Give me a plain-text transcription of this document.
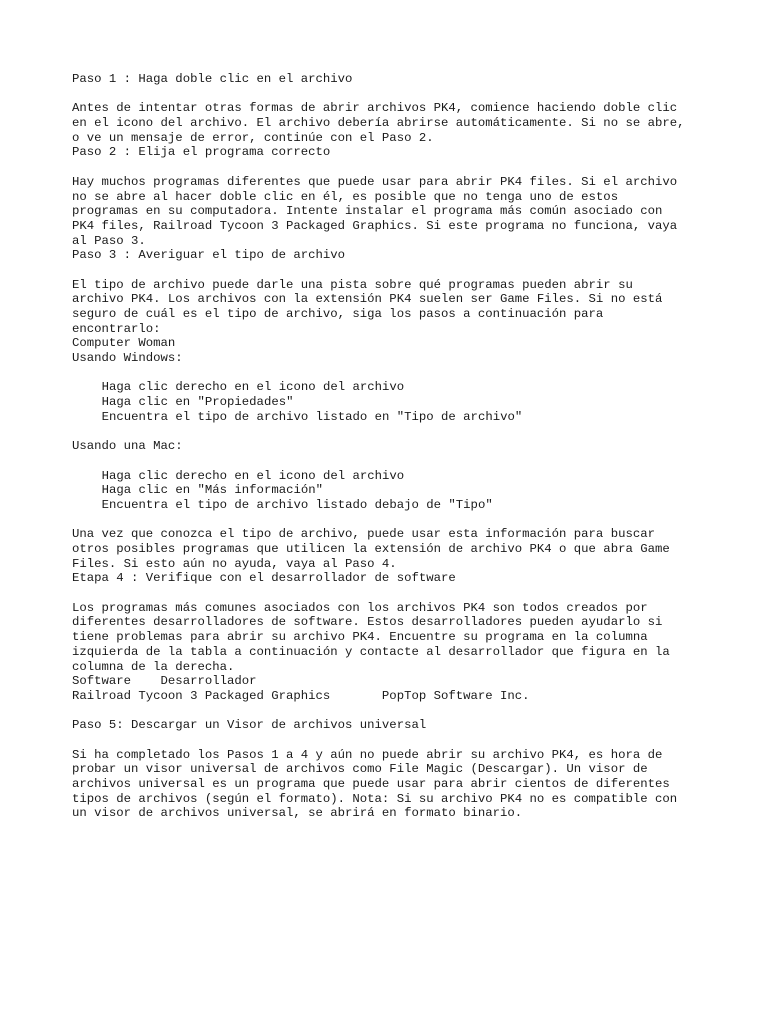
Paso 1 : Haga doble clic en el archivo
Antes de intentar otras formas de abrir archivos PK4, comience haciendo doble clic
en el icono del archivo. El archivo debería abrirse automáticamente. Si no se abre,
o ve un mensaje de error, continúe con el Paso 2.
Paso 2 : Elija el programa correcto
Hay muchos programas diferentes que puede usar para abrir PK4 files. Si el archivo
no se abre al hacer doble clic en él, es posible que no tenga uno de estos
programas en su computadora. Intente instalar el programa más común asociado con
PK4 files, Railroad Tycoon 3 Packaged Graphics. Si este programa no funciona, vaya
al Paso 3.
Paso 3 : Averiguar el tipo de archivo
El tipo de archivo puede darle una pista sobre qué programas pueden abrir su
archivo PK4. Los archivos con la extensión PK4 suelen ser Game Files. Si no está
seguro de cuál es el tipo de archivo, siga los pasos a continuación para
encontrarlo:
Computer Woman
Usando Windows:
Haga clic derecho en el icono del archivo
Haga clic en "Propiedades"
Encuentra el tipo de archivo listado en "Tipo de archivo"
Usando una Mac:
Haga clic derecho en el icono del archivo
Haga clic en "Más información"
Encuentra el tipo de archivo listado debajo de "Tipo"
Una vez que conozca el tipo de archivo, puede usar esta información para buscar
otros posibles programas que utilicen la extensión de archivo PK4 o que abra Game
Files. Si esto aún no ayuda, vaya al Paso 4.
Etapa 4 : Verifique con el desarrollador de software
Los programas más comunes asociados con los archivos PK4 son todos creados por
diferentes desarrolladores de software. Estos desarrolladores pueden ayudarlo si
tiene problemas para abrir su archivo PK4. Encuentre su programa en la columna
izquierda de la tabla a continuación y contacte al desarrollador que figura en la
columna de la derecha.
Software    Desarrollador
Railroad Tycoon 3 Packaged Graphics       PopTop Software Inc.
Paso 5: Descargar un Visor de archivos universal
Si ha completado los Pasos 1 a 4 y aún no puede abrir su archivo PK4, es hora de
probar un visor universal de archivos como File Magic (Descargar). Un visor de
archivos universal es un programa que puede usar para abrir cientos de diferentes
tipos de archivos (según el formato). Nota: Si su archivo PK4 no es compatible con
un visor de archivos universal, se abrirá en formato binario.
